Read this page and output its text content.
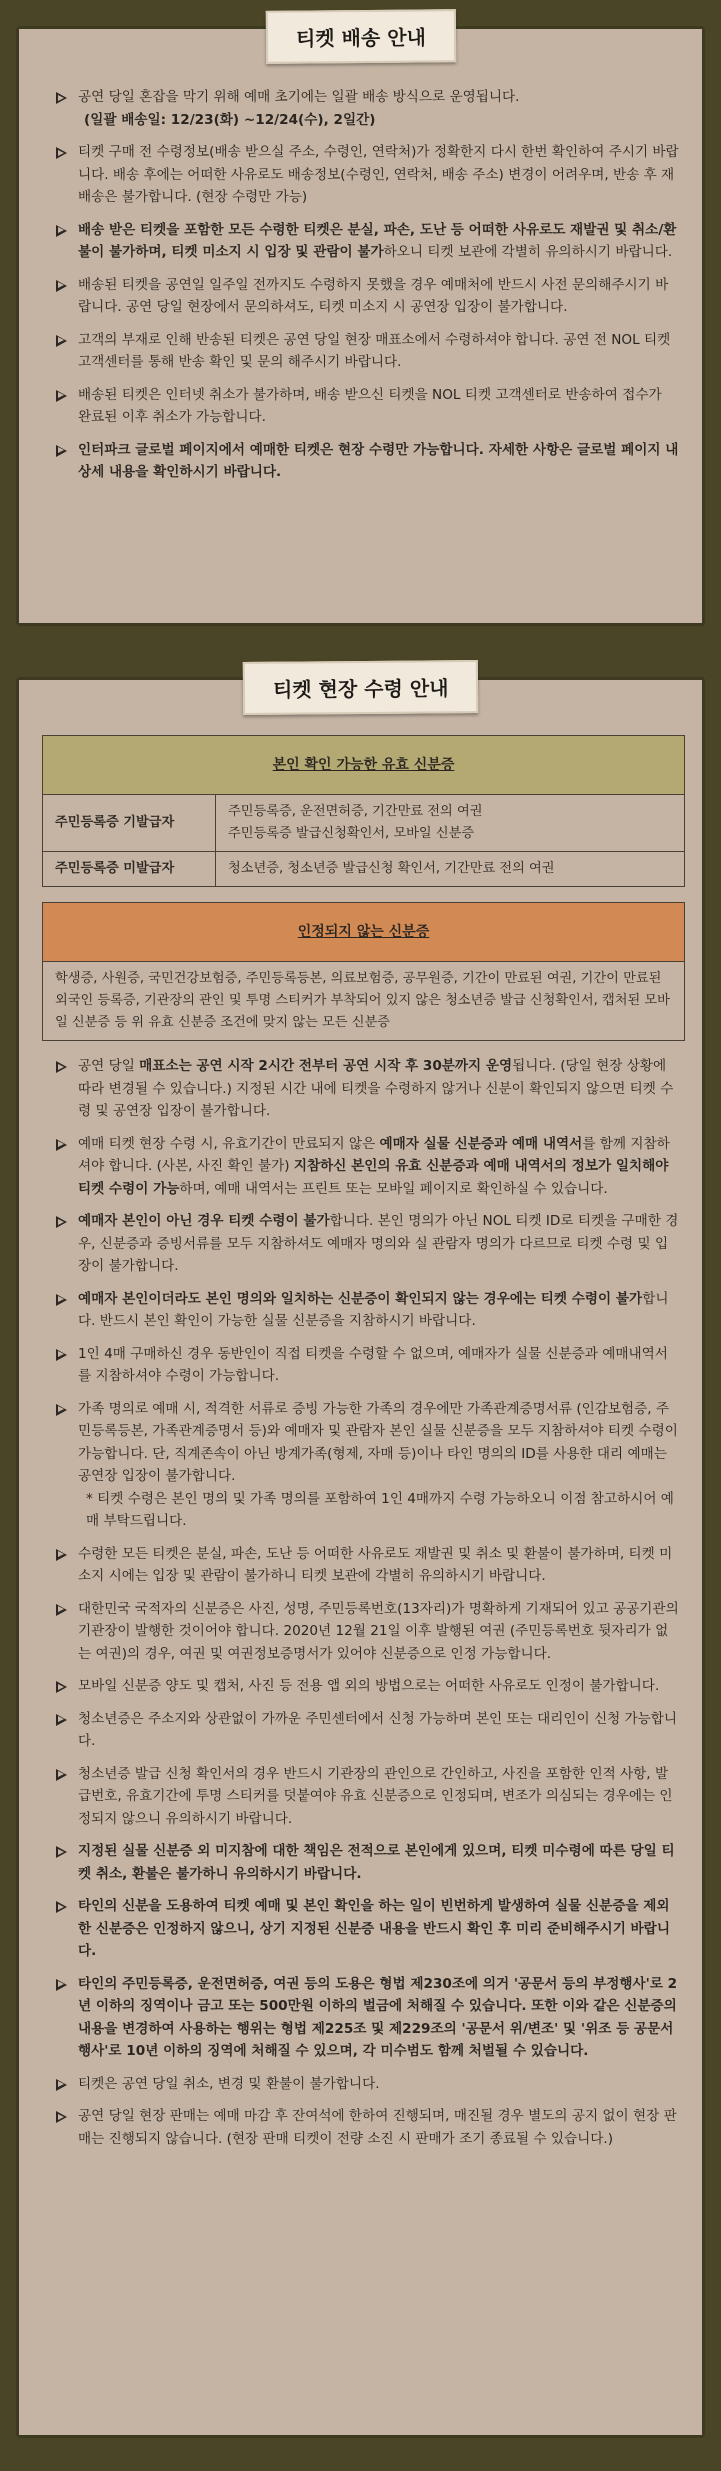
티켓 배송 안내
공연 당일 혼잡을 막기 위해 예매 초기에는 일괄 배송 방식으로 운영됩니다.
(일괄 배송일: 12/23(화) ~12/24(수), 2일간)
티켓 구매 전 수령정보(배송 받으실 주소, 수령인, 연락처)가 정확한지 다시 한번 확인하여 주시기 바랍니다. 배송 후에는 어떠한 사유로도 배송정보(수령인, 연락처, 배송 주소) 변경이 어려우며, 반송 후 재배송은 불가합니다. (현장 수령만 가능)
배송 받은 티켓을 포함한 모든 수령한 티켓은 분실, 파손, 도난 등 어떠한 사유로도 재발권 및 취소/환불이 불가하며, 티켓 미소지 시 입장 및 관람이 불가하오니 티켓 보관에 각별히 유의하시기 바랍니다.
배송된 티켓을 공연일 일주일 전까지도 수령하지 못했을 경우 예매처에 반드시 사전 문의해주시기 바랍니다. 공연 당일 현장에서 문의하셔도, 티켓 미소지 시 공연장 입장이 불가합니다.
고객의 부재로 인해 반송된 티켓은 공연 당일 현장 매표소에서 수령하셔야 합니다. 공연 전 NOL 티켓 고객센터를 통해 반송 확인 및 문의 해주시기 바랍니다.
배송된 티켓은 인터넷 취소가 불가하며, 배송 받으신 티켓을 NOL 티켓 고객센터로 반송하여 접수가 완료된 이후 취소가 가능합니다.
인터파크 글로벌 페이지에서 예매한 티켓은 현장 수령만 가능합니다. 자세한 사항은 글로벌 페이지 내 상세 내용을 확인하시기 바랍니다.
티켓 현장 수령 안내
본인 확인 가능한 유효 신분증	
주민등록증 기발급자	주민등록증, 운전면허증, 기간만료 전의 여권
주민등록증 발급신청확인서, 모바일 신분증
주민등록증 미발급자	청소년증, 청소년증 발급신청 확인서, 기간만료 전의 여권
인정되지 않는 신분증
학생증, 사원증, 국민건강보험증, 주민등록등본, 의료보험증, 공무원증, 기간이 만료된 여권, 기간이 만료된 외국인 등록증, 기관장의 관인 및 투명 스티커가 부착되어 있지 않은 청소년증 발급 신청확인서, 캡처된 모바일 신분증 등 위 유효 신분증 조건에 맞지 않는 모든 신분증
공연 당일 매표소는 공연 시작 2시간 전부터 공연 시작 후 30분까지 운영됩니다. (당일 현장 상황에 따라 변경될 수 있습니다.) 지정된 시간 내에 티켓을 수령하지 않거나 신분이 확인되지 않으면 티켓 수령 및 공연장 입장이 불가합니다.
예매 티켓 현장 수령 시, 유효기간이 만료되지 않은 예매자 실물 신분증과 예매 내역서를 함께 지참하셔야 합니다. (사본, 사진 확인 불가) 지참하신 본인의 유효 신분증과 예매 내역서의 정보가 일치해야 티켓 수령이 가능하며, 예매 내역서는 프린트 또는 모바일 페이지로 확인하실 수 있습니다.
예매자 본인이 아닌 경우 티켓 수령이 불가합니다. 본인 명의가 아닌 NOL 티켓 ID로 티켓을 구매한 경우, 신분증과 증빙서류를 모두 지참하셔도 예매자 명의와 실 관람자 명의가 다르므로 티켓 수령 및 입장이 불가합니다.
예매자 본인이더라도 본인 명의와 일치하는 신분증이 확인되지 않는 경우에는 티켓 수령이 불가합니다. 반드시 본인 확인이 가능한 실물 신분증을 지참하시기 바랍니다.
1인 4매 구매하신 경우 동반인이 직접 티켓을 수령할 수 없으며, 예매자가 실물 신분증과 예매내역서를 지참하셔야 수령이 가능합니다.
가족 명의로 예매 시, 적격한 서류로 증빙 가능한 가족의 경우에만 가족관계증명서류 (인감보험증, 주민등록등본, 가족관계증명서 등)와 예매자 및 관람자 본인 실물 신분증을 모두 지참하셔야 티켓 수령이 가능합니다. 단, 직계존속이 아닌 방계가족(형제, 자매 등)이나 타인 명의의 ID를 사용한 대리 예매는 공연장 입장이 불가합니다.
* 티켓 수령은 본인 명의 및 가족 명의를 포함하여 1인 4매까지 수령 가능하오니 이점 참고하시어 예매 부탁드립니다.
수령한 모든 티켓은 분실, 파손, 도난 등 어떠한 사유로도 재발권 및 취소 및 환불이 불가하며, 티켓 미소지 시에는 입장 및 관람이 불가하니 티켓 보관에 각별히 유의하시기 바랍니다.
대한민국 국적자의 신분증은 사진, 성명, 주민등록번호(13자리)가 명확하게 기재되어 있고 공공기관의 기관장이 발행한 것이어야 합니다. 2020년 12월 21일 이후 발행된 여권 (주민등록번호 뒷자리가 없는 여권)의 경우, 여권 및 여권정보증명서가 있어야 신분증으로 인정 가능합니다.
모바일 신분증 양도 및 캡처, 사진 등 전용 앱 외의 방법으로는 어떠한 사유로도 인정이 불가합니다.
청소년증은 주소지와 상관없이 가까운 주민센터에서 신청 가능하며 본인 또는 대리인이 신청 가능합니다.
청소년증 발급 신청 확인서의 경우 반드시 기관장의 관인으로 간인하고, 사진을 포함한 인적 사항, 발급번호, 유효기간에 투명 스티커를 덧붙여야 유효 신분증으로 인정되며, 변조가 의심되는 경우에는 인정되지 않으니 유의하시기 바랍니다.
지정된 실물 신분증 외 미지참에 대한 책임은 전적으로 본인에게 있으며, 티켓 미수령에 따른 당일 티켓 취소, 환불은 불가하니 유의하시기 바랍니다.
타인의 신분을 도용하여 티켓 예매 및 본인 확인을 하는 일이 빈번하게 발생하여 실물 신분증을 제외한 신분증은 인정하지 않으니, 상기 지정된 신분증 내용을 반드시 확인 후 미리 준비해주시기 바랍니다.
타인의 주민등록증, 운전면허증, 여권 등의 도용은 형법 제230조에 의거 '공문서 등의 부정행사'로 2년 이하의 징역이나 금고 또는 500만원 이하의 벌금에 처해질 수 있습니다. 또한 이와 같은 신분증의 내용을 변경하여 사용하는 행위는 형법 제225조 및 제229조의 '공문서 위/변조' 및 '위조 등 공문서 행사'로 10년 이하의 징역에 처해질 수 있으며, 각 미수범도 함께 처벌될 수 있습니다.
티켓은 공연 당일 취소, 변경 및 환불이 불가합니다.
공연 당일 현장 판매는 예매 마감 후 잔여석에 한하여 진행되며, 매진될 경우 별도의 공지 없이 현장 판매는 진행되지 않습니다. (현장 판매 티켓이 전량 소진 시 판매가 조기 종료될 수 있습니다.)
